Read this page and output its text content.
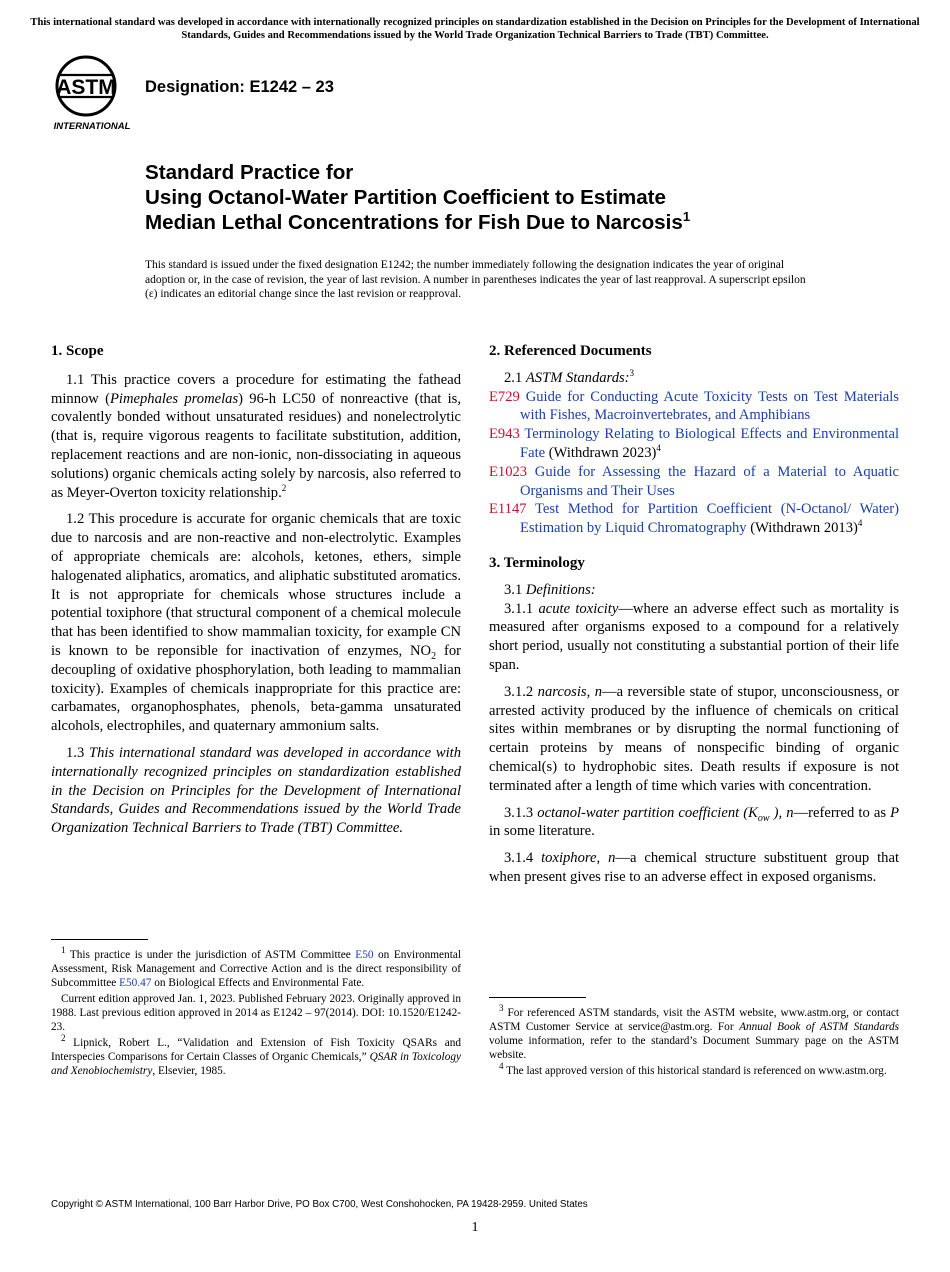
This international standard was developed in accordance with internationally recognized principles on standardization established in the Decision on Principles for the Development of International Standards, Guides and Recommendations issued by the World Trade Organization Technical Barriers to Trade (TBT) Committee.
ASTM
INTERNATIONAL
Designation: E1242 – 23
Standard Practice for
Using Octanol-Water Partition Coefficient to Estimate
Median Lethal Concentrations for Fish Due to Narcosis$^1$
This standard is issued under the fixed designation E1242; the number immediately following the designation indicates the year of original adoption or, in the case of revision, the year of last revision. A number in parentheses indicates the year of last reapproval. A superscript epsilon (ε) indicates an editorial change since the last revision or reapproval.
1. Scope

1.1 This practice covers a procedure for estimating the fathead minnow (Pimephales promelas) 96-h LC50 of nonreactive (that is, covalently bonded without unsaturated residues) and nonelectrolytic (that is, require vigorous reagents to facilitate substitution, addition, replacement reactions and are non-ionic, non-dissociating in aqueous solutions) organic chemicals acting solely by narcosis, also referred to as Meyer-Overton toxicity relationship.$^2$

1.2 This procedure is accurate for organic chemicals that are toxic due to narcosis and are non-reactive and non-electrolytic. Examples of appropriate chemicals are: alcohols, ketones, ethers, simple halogenated aliphatics, aromatics, and aliphatic substituted aromatics. It is not appropriate for chemicals whose structures include a potential toxiphore (that structural component of a chemical molecule that has been identified to show mammalian toxicity, for example CN is known to be reponsible for inactivation of enzymes, $NO_2$ for decoupling of oxidative phosphorylation, both leading to mammalian toxicity). Examples of chemicals inappropriate for this practice are: carbamates, organophosphates, phenols, beta-gamma unsaturated alcohols, electrophiles, and quaternary ammonium salts.

1.3 This international standard was developed in accordance with internationally recognized principles on standardization established in the Decision on Principles for the Development of International Standards, Guides and Recommendations issued by the World Trade Organization Technical Barriers to Trade (TBT) Committee.

$^1$ This practice is under the jurisdiction of ASTM Committee E50 on Environmental Assessment, Risk Management and Corrective Action and is the direct responsibility of Subcommittee E50.47 on Biological Effects and Environmental Fate.

Current edition approved Jan. 1, 2023. Published February 2023. Originally approved in 1988. Last previous edition approved in 2014 as E1242 – 97(2014). DOI: 10.1520/E1242-23.

$^2$ Lipnick, Robert L., “Validation and Extension of Fish Toxicity QSARs and Interspecies Comparisons for Certain Classes of Organic Chemicals,” QSAR in Toxicology and Xenobiochemistry, Elsevier, 1985.

2. Referenced Documents

2.1 ASTM Standards:$^3$

E729 Guide for Conducting Acute Toxicity Tests on Test Materials with Fishes, Macroinvertebrates, and Amphibians

E943 Terminology Relating to Biological Effects and Environmental Fate (Withdrawn 2023)$^4$

E1023 Guide for Assessing the Hazard of a Material to Aquatic Organisms and Their Uses

E1147 Test Method for Partition Coefficient (N-Octanol/ Water) Estimation by Liquid Chromatography (Withdrawn 2013)$^4$

3. Terminology

3.1 Definitions:

3.1.1 acute toxicity—where an adverse effect such as mortality is measured after organisms exposed to a compound for a relatively short period, usually not constituting a substantial portion of their life span.

3.1.2 narcosis, n—a reversible state of stupor, unconsciousness, or arrested activity produced by the influence of chemicals on critical sites within membranes or by disrupting the normal functioning of certain proteins by means of nonspecific binding of organic chemical(s) to hydrophobic sites. Death results if exposure is not terminated after a length of time which varies with concentration.

3.1.3 octanol-water partition coefficient ($K_{ow}$ ), n—referred to as P in some literature.

3.1.4 toxiphore, n—a chemical structure substituent group that when present gives rise to an adverse effect in exposed organisms.

$^3$ For referenced ASTM standards, visit the ASTM website, www.astm.org, or contact ASTM Customer Service at service@astm.org. For Annual Book of ASTM Standards volume information, refer to the standard’s Document Summary page on the ASTM website.

$^4$ The last approved version of this historical standard is referenced on www.astm.org.

Copyright © ASTM International, 100 Barr Harbor Drive, PO Box C700, West Conshohocken, PA 19428-2959. United States
1
